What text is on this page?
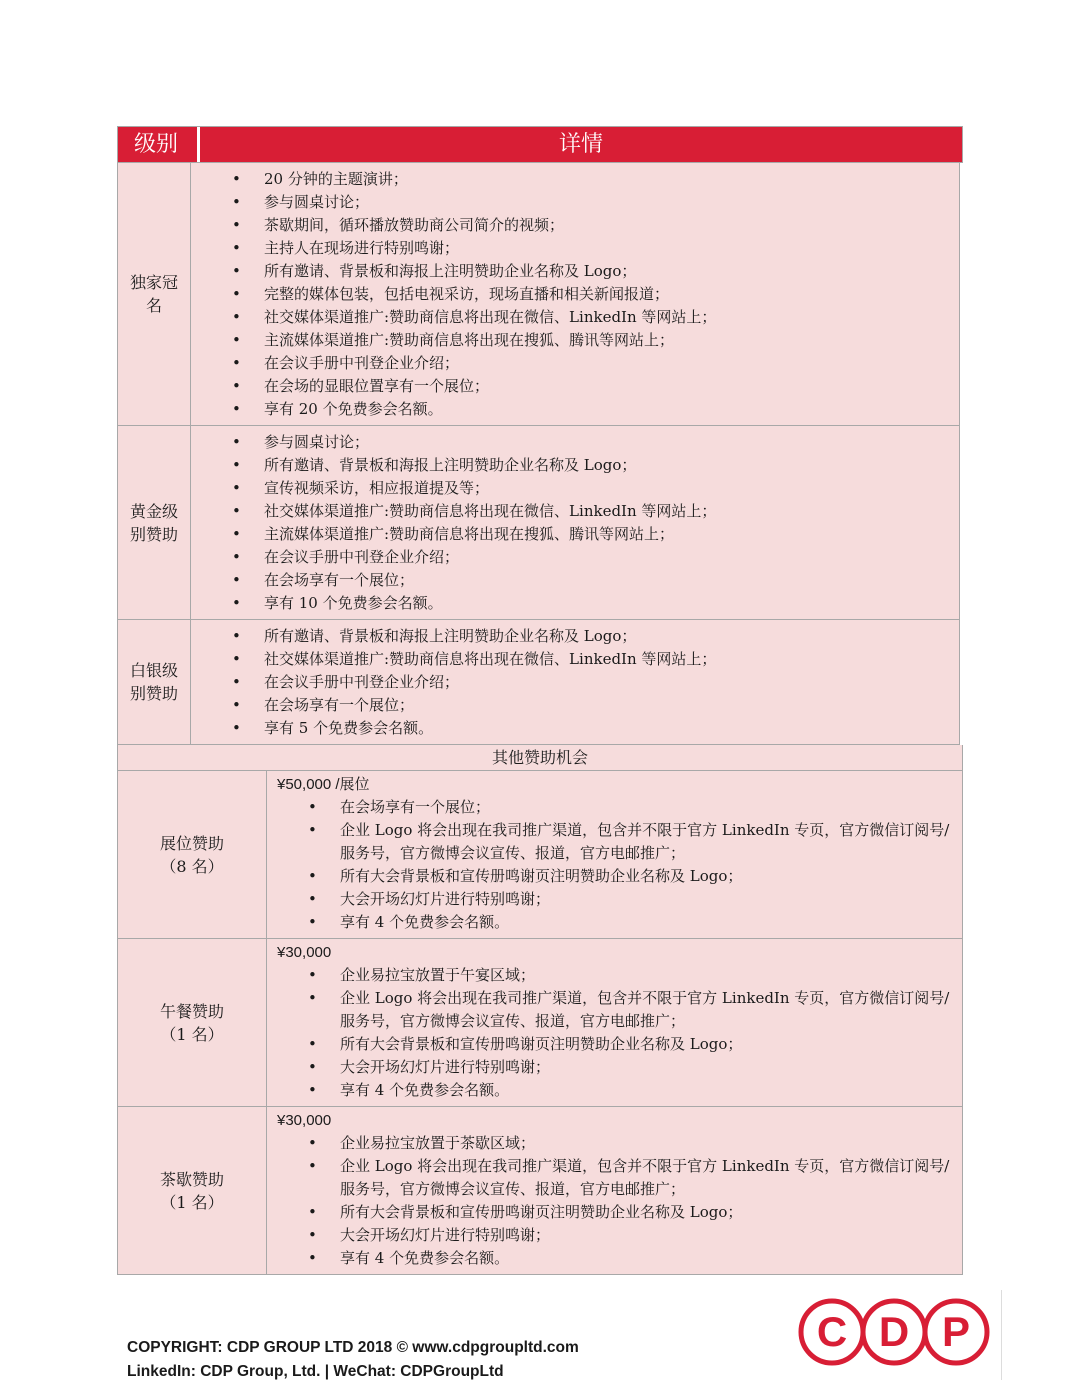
级别	详情
独家冠名
• 20 分钟的主题演讲；
• 参与圆桌讨论；
• 茶歇期间，循环播放赞助商公司简介的视频；
• 主持人在现场进行特别鸣谢；
• 所有邀请、背景板和海报上注明赞助企业名称及 Logo；
• 完整的媒体包装，包括电视采访，现场直播和相关新闻报道；
• 社交媒体渠道推广:赞助商信息将出现在微信、LinkedIn 等网站上；
• 主流媒体渠道推广:赞助商信息将出现在搜狐、腾讯等网站上；
• 在会议手册中刊登企业介绍；
• 在会场的显眼位置享有一个展位；
• 享有 20 个免费参会名额。
黄金级别赞助
• 参与圆桌讨论；
• 所有邀请、背景板和海报上注明赞助企业名称及 Logo；
• 宣传视频采访，相应报道提及等；
• 社交媒体渠道推广:赞助商信息将出现在微信、LinkedIn 等网站上；
• 主流媒体渠道推广:赞助商信息将出现在搜狐、腾讯等网站上；
• 在会议手册中刊登企业介绍；
• 在会场享有一个展位；
• 享有 10 个免费参会名额。
白银级别赞助
• 所有邀请、背景板和海报上注明赞助企业名称及 Logo；
• 社交媒体渠道推广:赞助商信息将出现在微信、LinkedIn 等网站上；
• 在会议手册中刊登企业介绍；
• 在会场享有一个展位；
• 享有 5 个免费参会名额。
其他赞助机会
展位赞助
（8 名）
¥50,000 /展位
• 在会场享有一个展位；
• 企业 Logo 将会出现在我司推广渠道，包含并不限于官方 LinkedIn 专页，官方微信订阅号/服务号，官方微博会议宣传、报道，官方电邮推广；
• 所有大会背景板和宣传册鸣谢页注明赞助企业名称及 Logo；
• 大会开场幻灯片进行特别鸣谢；
• 享有 4 个免费参会名额。
午餐赞助
（1 名）
¥30,000
• 企业易拉宝放置于午宴区域；
• 企业 Logo 将会出现在我司推广渠道，包含并不限于官方 LinkedIn 专页，官方微信订阅号/服务号，官方微博会议宣传、报道，官方电邮推广；
• 所有大会背景板和宣传册鸣谢页注明赞助企业名称及 Logo；
• 大会开场幻灯片进行特别鸣谢；
• 享有 4 个免费参会名额。
茶歇赞助
（1 名）
¥30,000
• 企业易拉宝放置于茶歇区域；
• 企业 Logo 将会出现在我司推广渠道，包含并不限于官方 LinkedIn 专页，官方微信订阅号/服务号，官方微博会议宣传、报道，官方电邮推广；
• 所有大会背景板和宣传册鸣谢页注明赞助企业名称及 Logo；
• 大会开场幻灯片进行特别鸣谢；
• 享有 4 个免费参会名额。
COPYRIGHT: CDP GROUP LTD 2018 © www.cdpgroupltd.com
LinkedIn: CDP Group, Ltd. | WeChat: CDPGroupLtd
C D P
